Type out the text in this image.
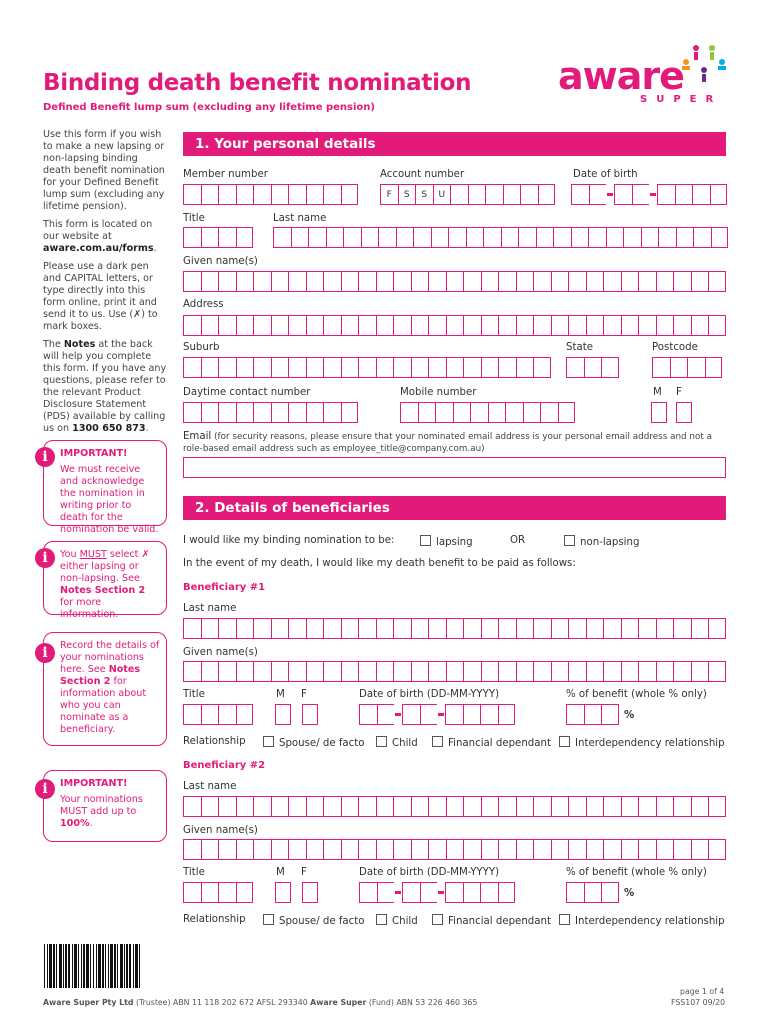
Binding death benefit nomination
Defined Benefit lump sum (excluding any lifetime pension)
aware
SUPER

Use this form if you wish to make a new lapsing or non-lapsing binding death benefit nomination for your Defined Benefit lump sum (excluding any lifetime pension).

This form is located on our website at aware.com.au/forms.

Please use a dark pen and CAPITAL letters, or type directly into this form online, print it and send it to us. Use (✗) to mark boxes.

The Notes at the back will help you complete this form. If you have any questions, please refer to the relevant Product Disclosure Statement (PDS) available by calling us on 1300 650 873.

i	IMPORTANT!
We must receive and acknowledge the nomination in writing prior to death for the nomination be valid.
i	You MUST select ✗ either lapsing or non-lapsing. See Notes Section 2 for more information.
i	Record the details of your nominations here. See Notes Section 2 for information about who you can nominate as a beneficiary.
i	IMPORTANT!
Your nominations MUST add up to 100%.
1. Your personal details
Member number	Account number	Date of birth
F	S	S	U
Title	Last name
Given name(s)
Address
Suburb	State	Postcode
Daytime contact number	Mobile number	M F
Email (for security reasons, please ensure that your nominated email address is your personal email address and not a role-based email address such as employee_title@company.com.au)
2. Details of beneficiaries
I would like my binding nomination to be:	lapsing	OR	non-lapsing
In the event of my death, I would like my death benefit to be paid as follows:
Beneficiary #1
Last name
Given name(s)
Title	M F	Date of birth (DD-MM-YYYY)	% of benefit (whole % only)
%
Relationship	Spouse/ de facto	Child	Financial dependant	Interdependency relationship
Beneficiary #2
Last name
Given name(s)
Title	M F	Date of birth (DD-MM-YYYY)	% of benefit (whole % only)
%
Relationship	Spouse/ de facto	Child	Financial dependant	Interdependency relationship
Aware Super Pty Ltd (Trustee) ABN 11 118 202 672 AFSL 293340 Aware Super (Fund) ABN 53 226 460 365
page 1 of 4
FSS107 09/20
